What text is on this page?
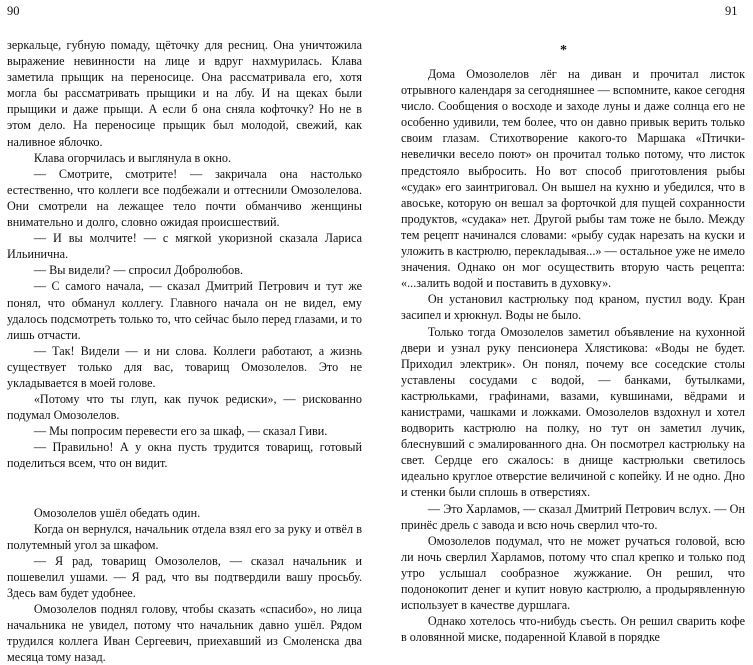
90	91

зеркальце, губную помаду, щёточку для ресниц. Она уничтожила выражение невинности на лице и вдруг нахмурилась. Клава заметила прыщик на переносице. Она рассматривала его, хотя могла бы рассматривать прыщики и на лбу. И на щеках были прыщики и даже прыщи. А если б она сняла кофточку? Но не в этом дело. На переносице прыщик был молодой, свежий, как наливное яблочко.

Клава огорчилась и выглянула в окно.

— Смотрите, смотрите! — закричала она настолько естественно, что коллеги все подбежали и оттеснили Омозолелова. Они смотрели на лежащее тело почти обманчиво женщины внимательно и долго, словно ожидая происшествий.

— И вы молчите! — с мягкой укоризной сказала Лариса Ильинична.

— Вы видели? — спросил Добролюбов.

— С самого начала, — сказал Дмитрий Петрович и тут же понял, что обманул коллегу. Главного начала он не видел, ему удалось подсмотреть только то, что сейчас было перед глазами, и то лишь отчасти.

— Так! Видели — и ни слова. Коллеги работают, а жизнь существует только для вас, товарищ Омозолелов. Это не укладывается в моей голове.

«Потому что ты глуп, как пучок редиски», — рискованно подумал Омозолелов.

— Мы попросим перевести его за шкаф, — сказал Гиви.

— Правильно! А у окна пусть трудится товарищ, готовый поделиться всем, что он видит.

Омозолелов ушёл обедать один.

Когда он вернулся, начальник отдела взял его за руку и отвёл в полутемный угол за шкафом.

— Я рад, товарищ Омозолелов, — сказал начальник и пошевелил ушами. — Я рад, что вы подтвердили вашу просьбу. Здесь вам будет удобнее.

Омозолелов поднял голову, чтобы сказать «спасибо», но лица начальника не увидел, потому что начальник давно ушёл. Рядом трудился коллега Иван Сергеевич, приехавший из Смоленска два месяца тому назад.

*

Дома Омозолелов лёг на диван и прочитал листок отрывного календаря за сегодняшнее — вспомните, какое сегодня число. Сообщения о восходе и заходе луны и даже солнца его не особенно удивили, тем более, что он давно привык верить только своим глазам. Стихотворение какого-то Маршака «Птички-невелички весело поют» он прочитал только потому, что листок предстояло выбросить. Но вот способ приготовления рыбы «судак» его заинтриговал. Он вышел на кухню и убедился, что в авоське, которую он вешал за форточкой для пущей сохранности продуктов, «судака» нет. Другой рыбы там тоже не было. Между тем рецепт начинался словами: «рыбу судак нарезать на куски и уложить в кастрюлю, перекладывая...» — остальное уже не имело значения. Однако он мог осуществить вторую часть рецепта: «...залить водой и поставить в духовку».

Он установил кастрюльку под краном, пустил воду. Кран засипел и хрюкнул. Воды не было.

Только тогда Омозолелов заметил объявление на кухонной двери и узнал руку пенсионера Хлястикова: «Воды не будет. Приходил электрик». Он понял, почему все соседские столы уставлены сосудами с водой, — банками, бутылками, кастрюльками, графинами, вазами, кувшинами, вёдрами и канистрами, чашками и ложками. Омозолелов вздохнул и хотел водворить кастрюлю на полку, но тут он заметил лучик, блеснувший с эмалированного дна. Он посмотрел кастрюльку на свет. Сердце его сжалось: в днище кастрюльки светилось идеально круглое отверстие величиной с копейку. И не одно. Дно и стенки были сплошь в отверстиях.

— Это Харламов, — сказал Дмитрий Петрович вслух. — Он принёс дрель с завода и всю ночь сверлил что-то.

Омозолелов подумал, что не может ручаться головой, всю ли ночь сверлил Харламов, потому что спал крепко и только под утро услышал сообразное жужжание. Он решил, что подонокопит денег и купит новую кастрюлю, а продырявленную использует в качестве дуршлага.

Однако хотелось что-нибудь съесть. Он решил сварить кофе в оловянной миске, подаренной Клавой в порядке
